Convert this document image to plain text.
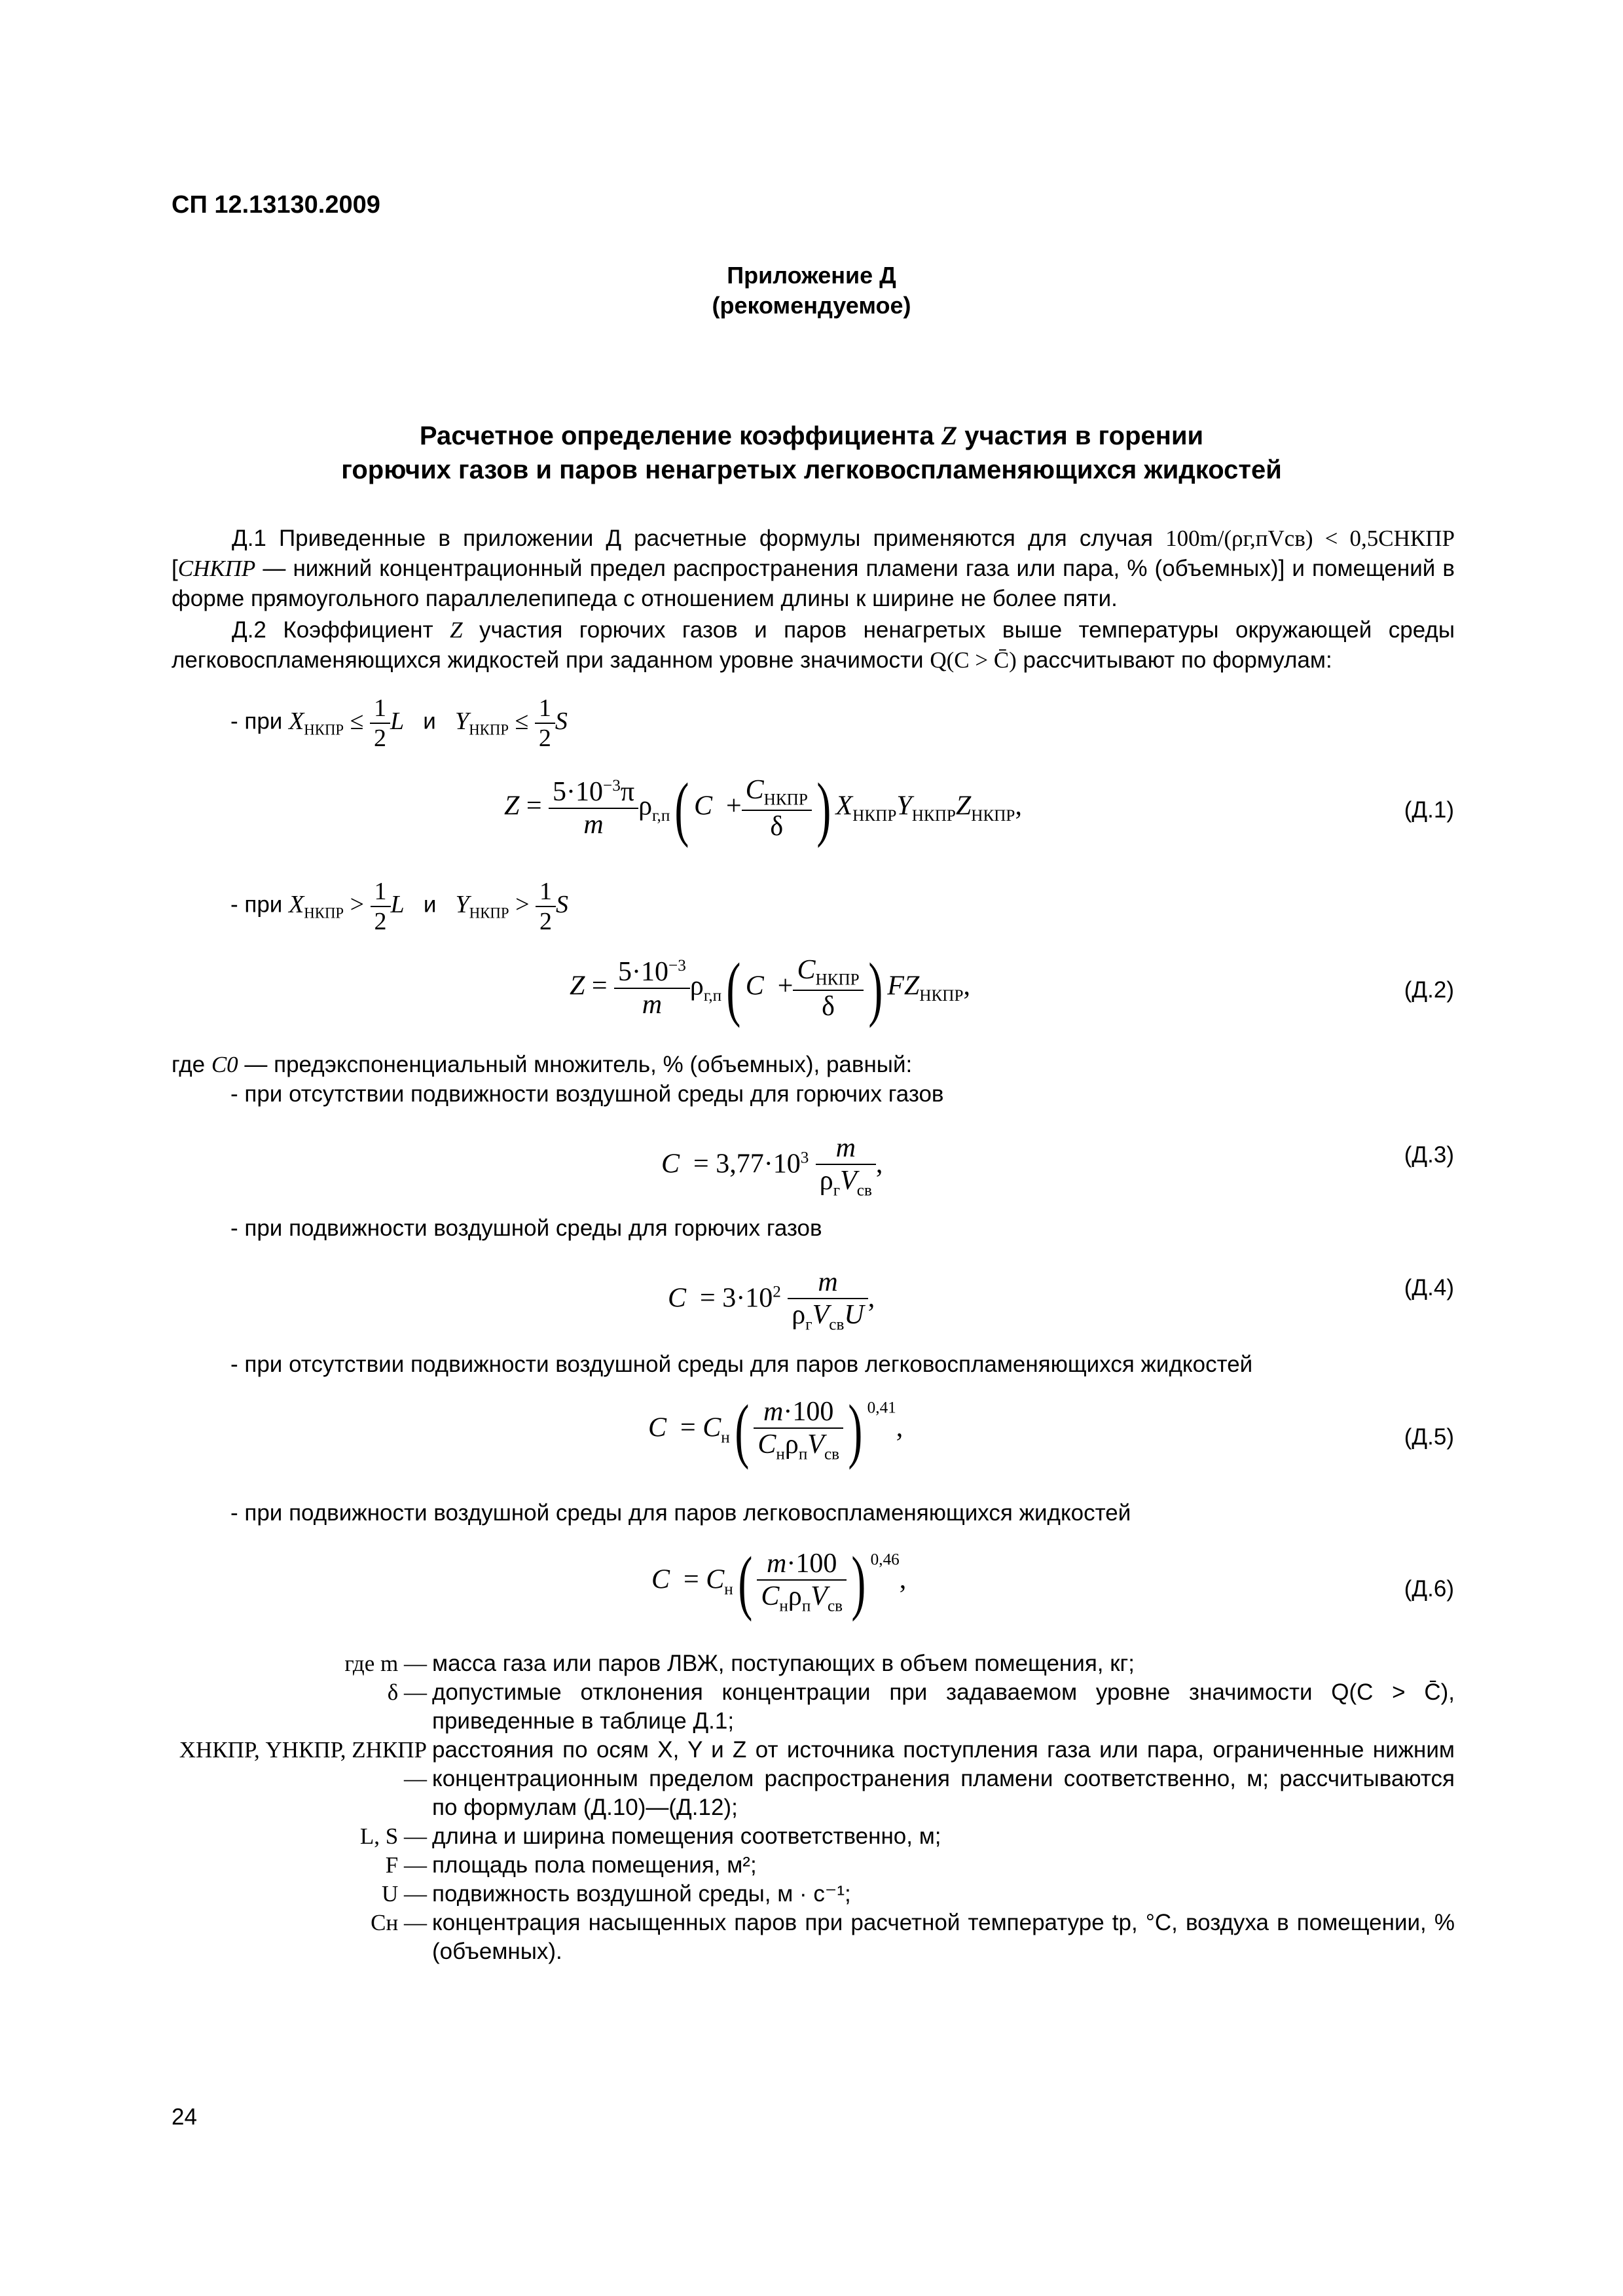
СП 12.13130.2009
Приложение Д
(рекомендуемое)
Расчетное определение коэффициента Z участия в горении
горючих газов и паров ненагретых легковоспламеняющихся жидкостей
Д.1 Приведенные в приложении Д расчетные формулы применяются для случая 100m/(ρг,пVсв) < 0,5CНКПР [CНКПР — нижний концентрационный предел распространения пламени газа или пара, % (объемных)] и помещений в форме прямоугольного параллелепипеда с отношением длины к ширине не более пяти.
Д.2 Коэффициент Z участия горючих газов и паров ненагретых выше температуры окружающей среды легковоспламеняющихся жидкостей при заданном уровне значимости Q(C > C̄) рассчитывают по формулам:
- при $X_{НКПР} \le \frac{1}{2}$ L и $Y_{НКПР} \le \frac{1}{2}$ S
$Z = \frac{5\cdot 10^{-3}\pi}{m} \rho_{г,п}$( $C + \frac{C_{НКПР}}{\delta}$ ) $X_{НКПР}Y_{НКПР}Z_{НКПР}$,	(Д.1)
- при $X_{НКПР} > \frac{1}{2}$ L и $Y_{НКПР} > \frac{1}{2}$ S
$Z = \frac{5\cdot 10^{-3}}{m} \rho_{г,п}$( $C + \frac{C_{НКПР}}{\delta}$ ) $FZ_{НКПР}$,	(Д.2)
где C0 — предэкспоненциальный множитель, % (объемных), равный:
- при отсутствии подвижности воздушной среды для горючих газов
$C = 3,77\cdot 10^3 \frac{m}{\rho_гV_{св}}$ ,	(Д.3)
- при подвижности воздушной среды для горючих газов
$C = 3\cdot 10^2 \frac{m}{\rho_гV_{св}U}$ ,	(Д.4)
- при отсутствии подвижности воздушной среды для паров легковоспламеняющихся жидкостей
$C = C_н( \frac{m\cdot 100}{C_н\rho_пV_{св}}$ ) $^{0,41}$,	(Д.5)
- при подвижности воздушной среды для паров легковоспламеняющихся жидкостей
$C = C_н( \frac{m\cdot 100}{C_н\rho_пV_{св}}$ ) $^{0,46}$,	(Д.6)
где m — масса газа или паров ЛВЖ, поступающих в объем помещения, кг;
δ — допустимые отклонения концентрации при задаваемом уровне значимости Q(C > C̄), приведенные в таблице Д.1;
XНКПР, YНКПР, ZНКПР —
расстояния по осям X, Y и Z от источника поступления газа или пара, ограниченные нижним концентрационным пределом распространения пламени соответственно, м; рассчитываются по формулам (Д.10)—(Д.12);
L, S — длина и ширина помещения соответственно, м;
F — площадь пола помещения, м²;
U — подвижность воздушной среды, м · с⁻¹;
Cн — концентрация насыщенных паров при расчетной температуре tр, °С, воздуха в помещении, % (объемных).
24
